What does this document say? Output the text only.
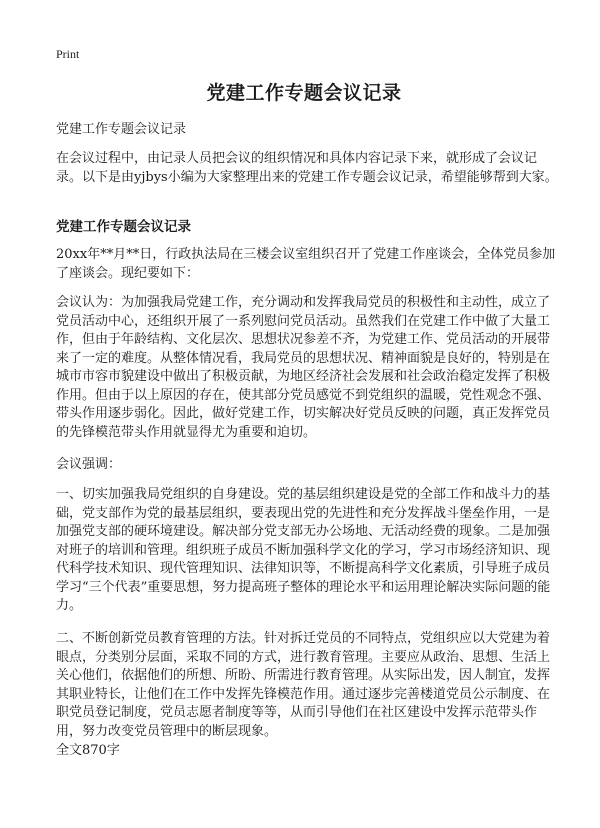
Print
党建工作专题会议记录

党建工作专题会议记录

在会议过程中，由记录人员把会议的组织情况和具体内容记录下来，就形成了会议记录。以下是由yjbys小编为大家整理出来的党建工作专题会议记录，希望能够帮到大家。

党建工作专题会议记录

20xx年**月**日，行政执法局在三楼会议室组织召开了党建工作座谈会，全体党员参加了座谈会。现纪要如下：

会议认为：为加强我局党建工作，充分调动和发挥我局党员的积极性和主动性，成立了党员活动中心，还组织开展了一系列慰问党员活动。虽然我们在党建工作中做了大量工作，但由于年龄结构、文化层次、思想状况参差不齐，为党建工作、党员活动的开展带来了一定的难度。从整体情况看，我局党员的思想状况、精神面貌是良好的，特别是在城市市容市貌建设中做出了积极贡献，为地区经济社会发展和社会政治稳定发挥了积极作用。但由于以上原因的存在，使其部分党员感觉不到党组织的温暖，党性观念不强、带头作用逐步弱化。因此，做好党建工作，切实解决好党员反映的问题，真正发挥党员的先锋模范带头作用就显得尤为重要和迫切。

会议强调：

一、切实加强我局党组织的自身建设。党的基层组织建设是党的全部工作和战斗力的基础，党支部作为党的最基层组织，要表现出党的先进性和充分发挥战斗堡垒作用，一是加强党支部的硬环境建设。解决部分党支部无办公场地、无活动经费的现象。二是加强对班子的培训和管理。组织班子成员不断加强科学文化的学习，学习市场经济知识、现代科学技术知识、现代管理知识、法律知识等，不断提高科学文化素质，引导班子成员学习“三个代表”重要思想，努力提高班子整体的理论水平和运用理论解决实际问题的能力。

二、不断创新党员教育管理的方法。针对拆迁党员的不同特点，党组织应以大党建为着眼点，分类别分层面，采取不同的方式，进行教育管理。主要应从政治、思想、生活上关心他们，依据他们的所想、所盼、所需进行教育管理。从实际出发，因人制宜，发挥其职业特长，让他们在工作中发挥先锋模范作用。通过逐步完善楼道党员公示制度、在职党员登记制度，党员志愿者制度等等，从而引导他们在社区建设中发挥示范带头作用，努力改变党员管理中的断层现象。

全文870字
